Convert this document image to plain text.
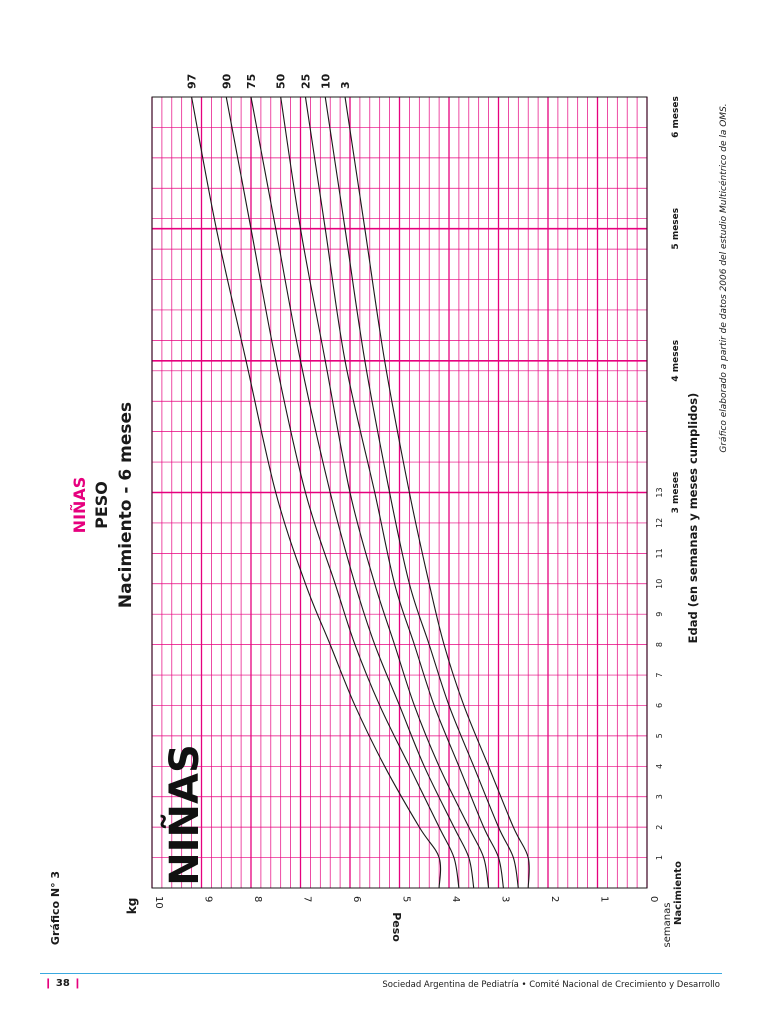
3
10
25
50
75
90
97
0
1
2
3
4
5
6
7
8
9
10
1
2
3
4
5
6
7
8
9
10
11
12
13 3 meses
4 meses
5 meses
6 meses
NIÑAS PESO Nacimiento - 6 meses
NIÑAS
Gráfico N° 3	kg
Peso	semanas
Nacimiento
Edad (en semanas y meses cumplidos)
Gráfico elaborado a partir de datos 2006 del estudio Multicéntrico de la OMS.
❙ 38 ❙	Sociedad Argentina de Pediatría • Comité Nacional de Crecimiento y Desarrollo
